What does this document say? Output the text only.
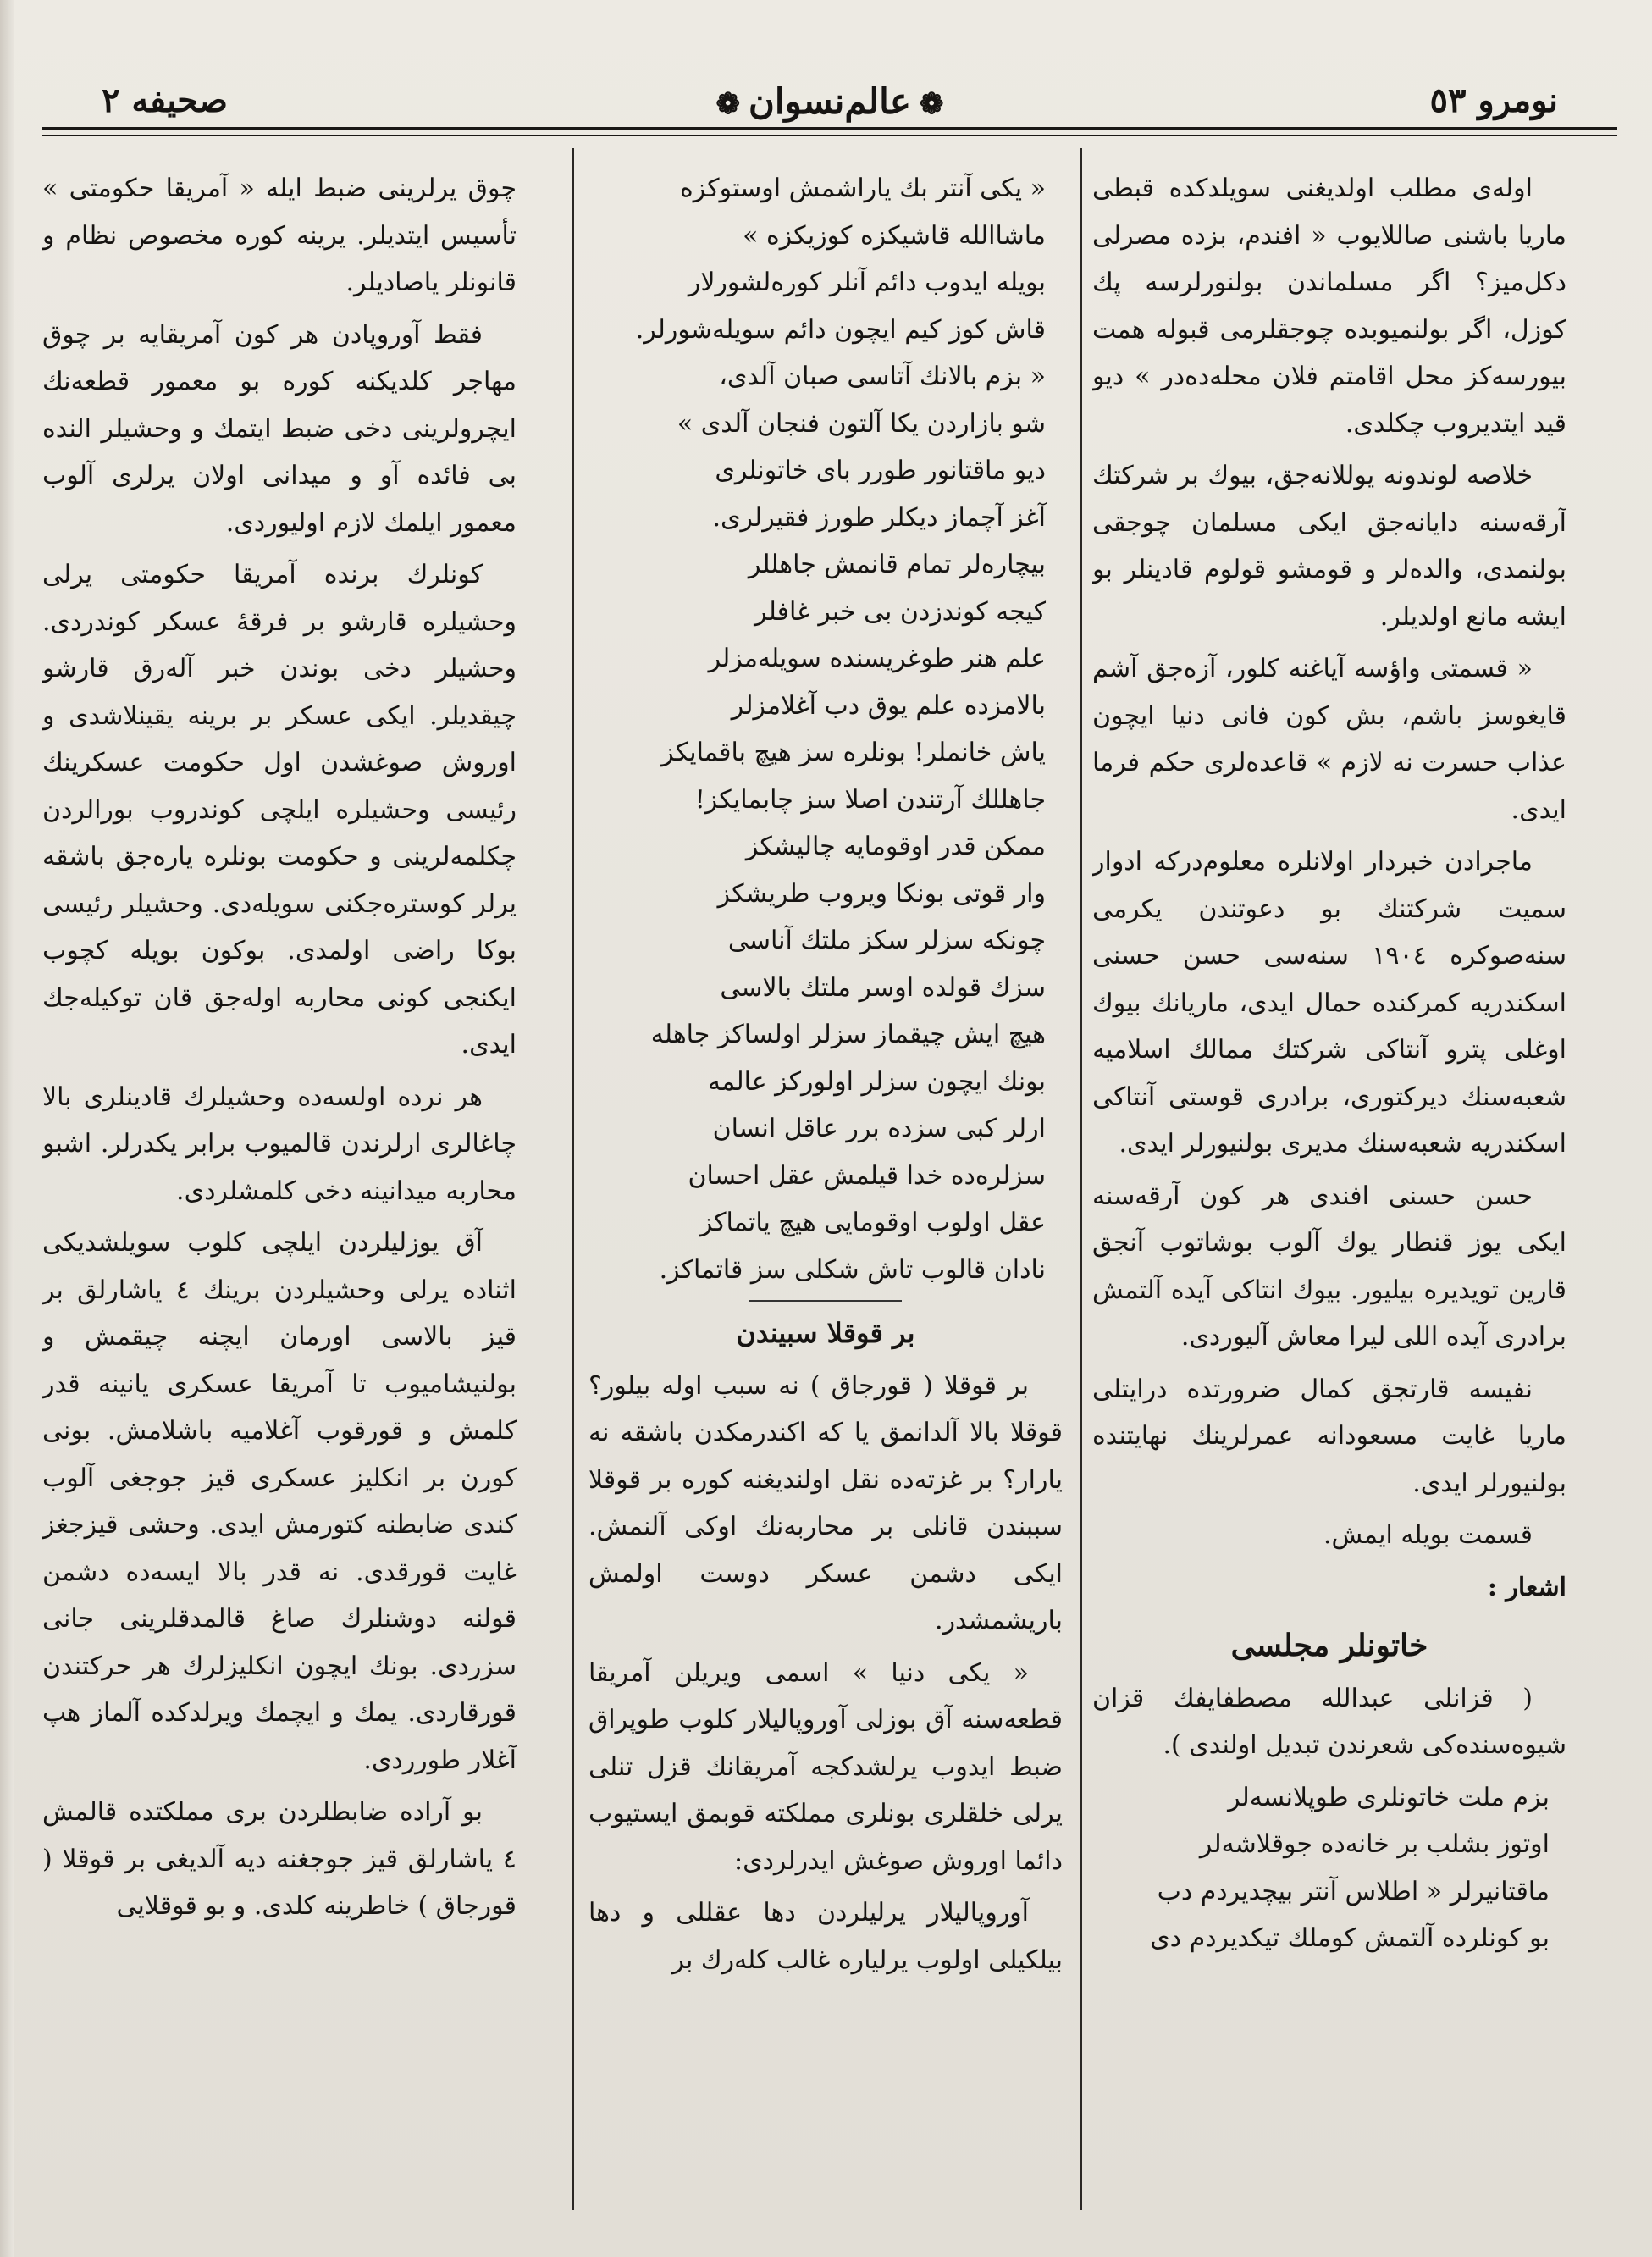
صحیفه ٢	❁عالم‌نسوان❁	نومرو ٥٣

اوله‌ی مطلب اولدیغنی سویلدکده قبطی ماریا باشنی صاللایوب « افندم، بزده مصرلی دکل‌میز؟ اگر مسلماندن بولنورلرسه پك کوزل، اگر بولنمیوبده چوجقلرمی قبوله همت بیورسه‌کز محل اقامتم فلان محله‌ده‌در » دیو قید ایتدیروب چکلدی.

خلاصه لوندونه یوللانه‌جق، بیوك بر شرکتك آرقه‌سنه دایانه‌جق ایکی مسلمان چوجقی بولنمدی، والده‌لر و قومشو قولوم قادینلر بو ایشه مانع اولدیلر.

« قسمتی واؤسه آیاغنه کلور، آزه‌جق آشم قایغوسز باشم، بش کون فانی دنیا ایچون عذاب حسرت نه لازم » قاعده‌لری حکم فرما ایدی.

ماجرادن خبردار اولانلره معلوم‌درکه ادوار سمیت شرکتنك بو دعوتندن یکرمی سنه‌صوکره ١٩٠٤ سنه‌سی حسن حسنی اسکندریه کمرکنده حمال ایدی، ماریانك بیوك اوغلی پترو آنتاکی شرکتك ممالك اسلامیه شعبه‌سنك دیرکتوری، برادری قوستی آنتاکی اسکندریه شعبه‌سنك مدیری بولنیورلر ایدی.

حسن حسنی افندی هر کون آرقه‌سنه ایکی یوز قنطار یوك آلوب بوشاتوب آنجق قارین تویدیره بیلیور. بیوك انتاکی آیده آلتمش برادری آیده اللی لیرا معاش آلیوردی.

نفیسه قارتجق کمال ضرورتده درایتلی ماریا غایت مسعودانه عمرلرینك نهایتنده بولنیورلر ایدی.

قسمت بویله ایمش.

اشعار :

خاتونلر مجلسی

( قزانلی عبدالله مصطفایفك قزان شیوه‌سنده‌کی شعرندن تبدیل اولندی ).

بزم ملت خاتونلری طوپلانسه‌لر
اوتوز بشلب بر خانه‌ده جوقلاشه‌لر
ماقتانیرلر « اطلاس آنتر بیچدیردم دب
بو کونلرده آلتمش کوملك تیکدیردم دی

« یکی آنتر بك یاراشمش اوستوکزه
ماشاالله قاشیکزه کوزیکزه »
بویله ایدوب دائم آنلر کوره‌لشورلار
قاش کوز کیم ایچون دائم سویله‌شورلر.
« بزم بالانك آتاسی صبان آلدی،
شو بازاردن یکا آلتون فنجان آلدی »
دیو ماقتانور طورر بای خاتونلری
آغز آچماز دیکلر طورز فقیرلری.
بیچاره‌لر تمام قانمش جاهللر
کیجه کوندزدن بی خبر غافلر
علم هنر طوغریسنده سویله‌مزلر
بالامزده علم یوق دب آغلامزلر
یاش خانملر! بونلره سز هیچ باقمایکز
جاهللك آرتندن اصلا سز چابمایکز!
ممکن قدر اوقومایه چالیشکز
وار قوتی بونکا ویروب طریشکز
چونکه سزلر سکز ملتك آناسی
سزك قولده اوسر ملتك بالاسی
هیچ ایش چیقماز سزلر اولساکز جاهله
بونك ایچون سزلر اولورکز عالمه
ارلر کبی سزده برر عاقل انسان
سزلره‌ده خدا قیلمش عقل احسان
عقل اولوب اوقومایی هیچ یاتماکز
نادان قالوب تاش شکلی سز قاتماکز.

بر قوقلا سبیندن

بر قوقلا ( قورجاق ) نه سبب اوله بیلور؟ قوقلا بالا آلدانمق یا که اکندرمکدن باشقه نه یارار؟ بر غزته‌ده نقل اولندیغنه کوره بر قوقلا سببندن قانلی بر محاربه‌نك اوکی آلنمش. ایکی دشمن عسکر دوست اولمش باریشمشدر.

« یکی دنیا » اسمی ویریلن آمریقا قطعه‌سنه آق بوزلی آوروپالیلار کلوب طوپراق ضبط ایدوب یرلشدکجه آمریقانك قزل تنلی یرلی خلقلری بونلری مملکته قوبمق ایستیوب دائما اوروش صوغش ایدرلردی:

آوروپالیلار یرلیلردن دها عقللی و دها بیلکیلی اولوب یرلیاره غالب کله‌رك بر

چوق یرلرینی ضبط ایله « آمریقا حکومتی » تأسیس ایتدیلر. یرینه کوره مخصوص نظام و قانونلر یاصادیلر.

فقط آوروپادن هر کون آمریقایه بر چوق مهاجر کلدیکنه کوره بو معمور قطعه‌نك ایچرولرینی دخی ضبط ایتمك و وحشیلر النده بی فائده آو و میدانی اولان یرلری آلوب معمور ایلمك لازم اولیوردی.

کونلرك برنده آمریقا حکومتی یرلی وحشیلره قارشو بر فرقهٔ عسکر کوندردی. وحشیلر دخی بوندن خبر آله‌رق قارشو چیقدیلر. ایکی عسکر بر برینه یقینلاشدی و اوروش صوغشدن اول حکومت عسکرینك رئیسی وحشیلره ایلچی کوندروب بورالردن چکلمه‌لرینی و حکومت بونلره یاره‌جق باشقه یرلر کوستره‌جکنی سویله‌دی. وحشیلر رئیسی بوکا راضی اولمدی. بوکون بویله کچوب ایکنجی کونی محاربه اوله‌جق قان توکیله‌جك ایدی.

هر نرده اولسه‌ده وحشیلرك قادینلری بالا چاغالری ارلرندن قالمیوب برابر یکدرلر. اشبو محاربه میدانینه دخی کلمشلردی.

آق یوزلیلردن ایلچی کلوب سویلشدیکی اثناده یرلی وحشیلردن برینك ٤ یاشارلق بر قیز بالاسی اورمان ایچنه چیقمش و بولنیشامیوب تا آمریقا عسکری یانینه قدر کلمش و قورقوب آغلامیه باشلامش. بونی کورن بر انکلیز عسکری قیز جوجغی آلوب کندی ضابطنه کتورمش ایدی. وحشی قیزجغز غایت قورقدی. نه قدر بالا ایسه‌ده دشمن قولنه دوشنلرك صاغ قالمدقلرینی جانی سزردی. بونك ایچون انکلیزلرك هر حرکتندن قورقاردی. یمك و ایچمك ویرلدکده آلماز هپ آغلار طورردی.

بو آراده ضابطلردن بری مملکتده قالمش ٤ یاشارلق قیز جوجغنه دیه آلدیغی بر قوقلا ( قورجاق ) خاطرینه کلدی. و بو قوقلایی
